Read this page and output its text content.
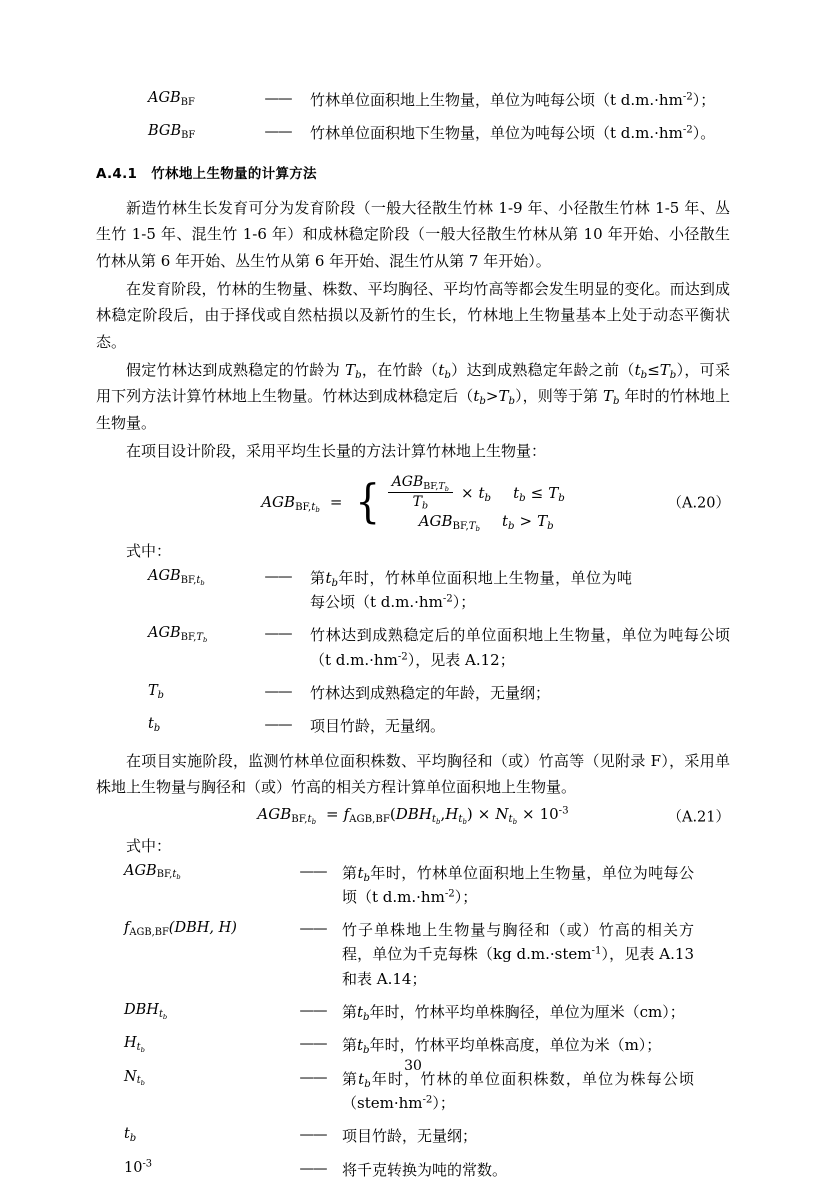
$AGB_{BF}$	——	竹林单位面积地上生物量，单位为吨每公顷（t $d.m.\cdot hm^{-2}$）；
$BGB_{BF}$	——	竹林单位面积地下生物量，单位为吨每公顷（t $d.m.\cdot hm^{-2}$）。
A.4.1 竹林地上生物量的计算方法

新造竹林生长发育可分为发育阶段（一般大径散生竹林 1-9 年、小径散生竹林 1-5 年、丛生竹 1-5 年、混生竹 1-6 年）和成林稳定阶段（一般大径散生竹林从第 10 年开始、小径散生竹林从第 6 年开始、丛生竹从第 6 年开始、混生竹从第 7 年开始）。

在发育阶段，竹林的生物量、株数、平均胸径、平均竹高等都会发生明显的变化。而达到成林稳定阶段后，由于择伐或自然枯损以及新竹的生长，竹林地上生物量基本上处于动态平衡状态。

假定竹林达到成熟稳定的竹龄为 $T_b$，在竹龄$(t_b)$达到成熟稳定年龄之前$(t_b\le T_b)$，可采用下列方法计算竹林地上生物量。竹林达到成林稳定后$(t_b>T_b)$，则等于第 $T_b$ 年时的竹林地上生物量。

在项目设计阶段，采用平均生长量的方法计算竹林地上生物量：

$AGB_{BF,t_b}$ = { $\frac{AGB_{BF,T_b}}{T_b} \times t_b$ $t_b \le T_b$
$AGB_{BF,T_b}$ $t_b > T_b$
（A.20）

式中：

$AGB_{BF,t_b}$	——	第$t_b$年时，竹林单位面积地上生物量，单位为吨每公顷（t $d.m.\cdot hm^{-2}$）；
$AGB_{BF,T_b}$	——	竹林达到成熟稳定后的单位面积地上生物量，单位为吨每公顷（t $d.m.\cdot hm^{-2}$），见表 A.12；
$T_b$	——	竹林达到成熟稳定的年龄，无量纲；
$t_b$	——	项目竹龄，无量纲。

在项目实施阶段，监测竹林单位面积株数、平均胸径和（或）竹高等（见附录 F），采用单株地上生物量与胸径和（或）竹高的相关方程计算单位面积地上生物量。

$AGB_{BF,t_b} = f_{AGB,BF}$ ( $DBH_{t_b}$ , $H_{t_b}$ ) × $N_{t_b} \times 10^{-3}$	（A.21）

式中：

$AGB_{BF,t_b}$	——	第$t_b$年时，竹林单位面积地上生物量，单位为吨每公顷（t $d.m.\cdot hm^{-2}$）；
$f_{AGB,BF}(DBH$, H)	——	竹子单株地上生物量与胸径和（或）竹高的相关方程，单位为千克每株（kg d.m.·stem$^{-1}$），见表 A.13 和表 A.14；
$DBH_{t_b}$	——	第$t_b$年时，竹林平均单株胸径，单位为厘米（cm）；
$H_{t_b}$	——	第$t_b$年时，竹林平均单株高度，单位为米（m）；
$N_{t_b}$	——	第$t_b$年时，竹林的单位面积株数，单位为株每公顷$(stem\cdot hm^{-2})$；
$t_b$	——	项目竹龄，无量纲；
$10^{-3}$	——	将千克转换为吨的常数。
30
